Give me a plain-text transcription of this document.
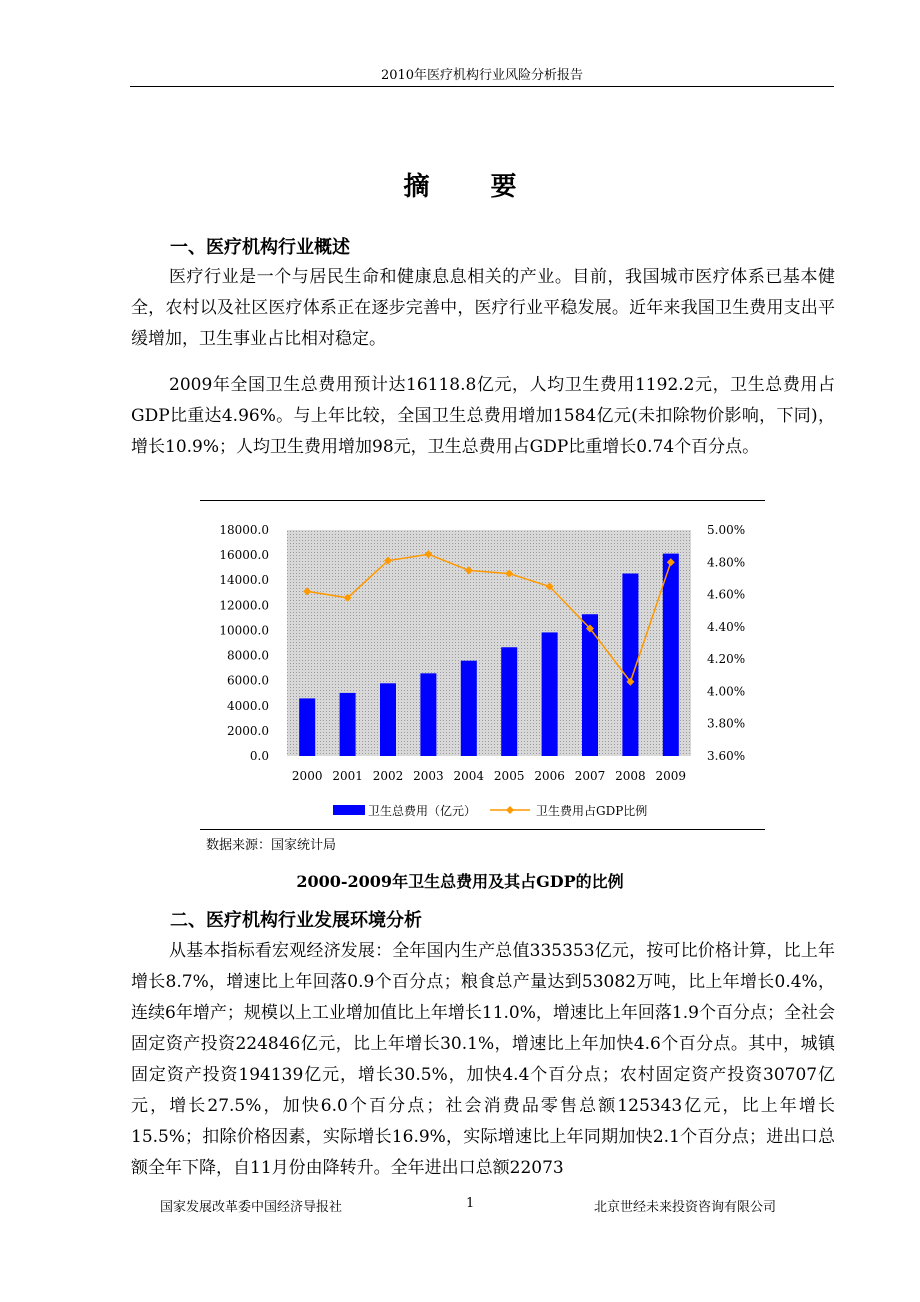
2010年医疗机构行业风险分析报告
摘 要
一、医疗机构行业概述

医疗行业是一个与居民生命和健康息息相关的产业。目前，我国城市医疗体系已基本健全，农村以及社区医疗体系正在逐步完善中，医疗行业平稳发展。近年来我国卫生费用支出平缓增加，卫生事业占比相对稳定。

2009年全国卫生总费用预计达16118.8亿元，人均卫生费用1192.2元，卫生总费用占GDP比重达4.96%。与上年比较，全国卫生总费用增加1584亿元(未扣除物价影响，下同)，增长10.9%；人均卫生费用增加98元，卫生总费用占GDP比重增长0.74个百分点。

0.0
2000.0
4000.0
6000.0
8000.0
10000.0
12000.0
14000.0
16000.0
18000.0
3.60%
3.80%
4.00%
4.20%
4.40%
4.60%
4.80%
5.00%
2000 2001 2002 2003 2004 2005 2006 2007 2008 2009
卫生总费用（亿元）	卫生费用占GDP比例
数据来源：国家统计局
2000-2009年卫生总费用及其占GDP的比例
二、医疗机构行业发展环境分析

从基本指标看宏观经济发展：全年国内生产总值335353亿元，按可比价格计算，比上年增长8.7%，增速比上年回落0.9个百分点；粮食总产量达到53082万吨，比上年增长0.4%，连续6年增产；规模以上工业增加值比上年增长11.0%，增速比上年回落1.9个百分点；全社会固定资产投资224846亿元，比上年增长30.1%，增速比上年加快4.6个百分点。其中，城镇固定资产投资194139亿元，增长30.5%，加快4.4个百分点；农村固定资产投资30707亿元，增长27.5%，加快6.0个百分点；社会消费品零售总额125343亿元，比上年增长15.5%；扣除价格因素，实际增长16.9%，实际增速比上年同期加快2.1个百分点；进出口总额全年下降，自11月份由降转升。全年进出口总额22073

国家发展改革委中国经济导报社	1	北京世经未来投资咨询有限公司
